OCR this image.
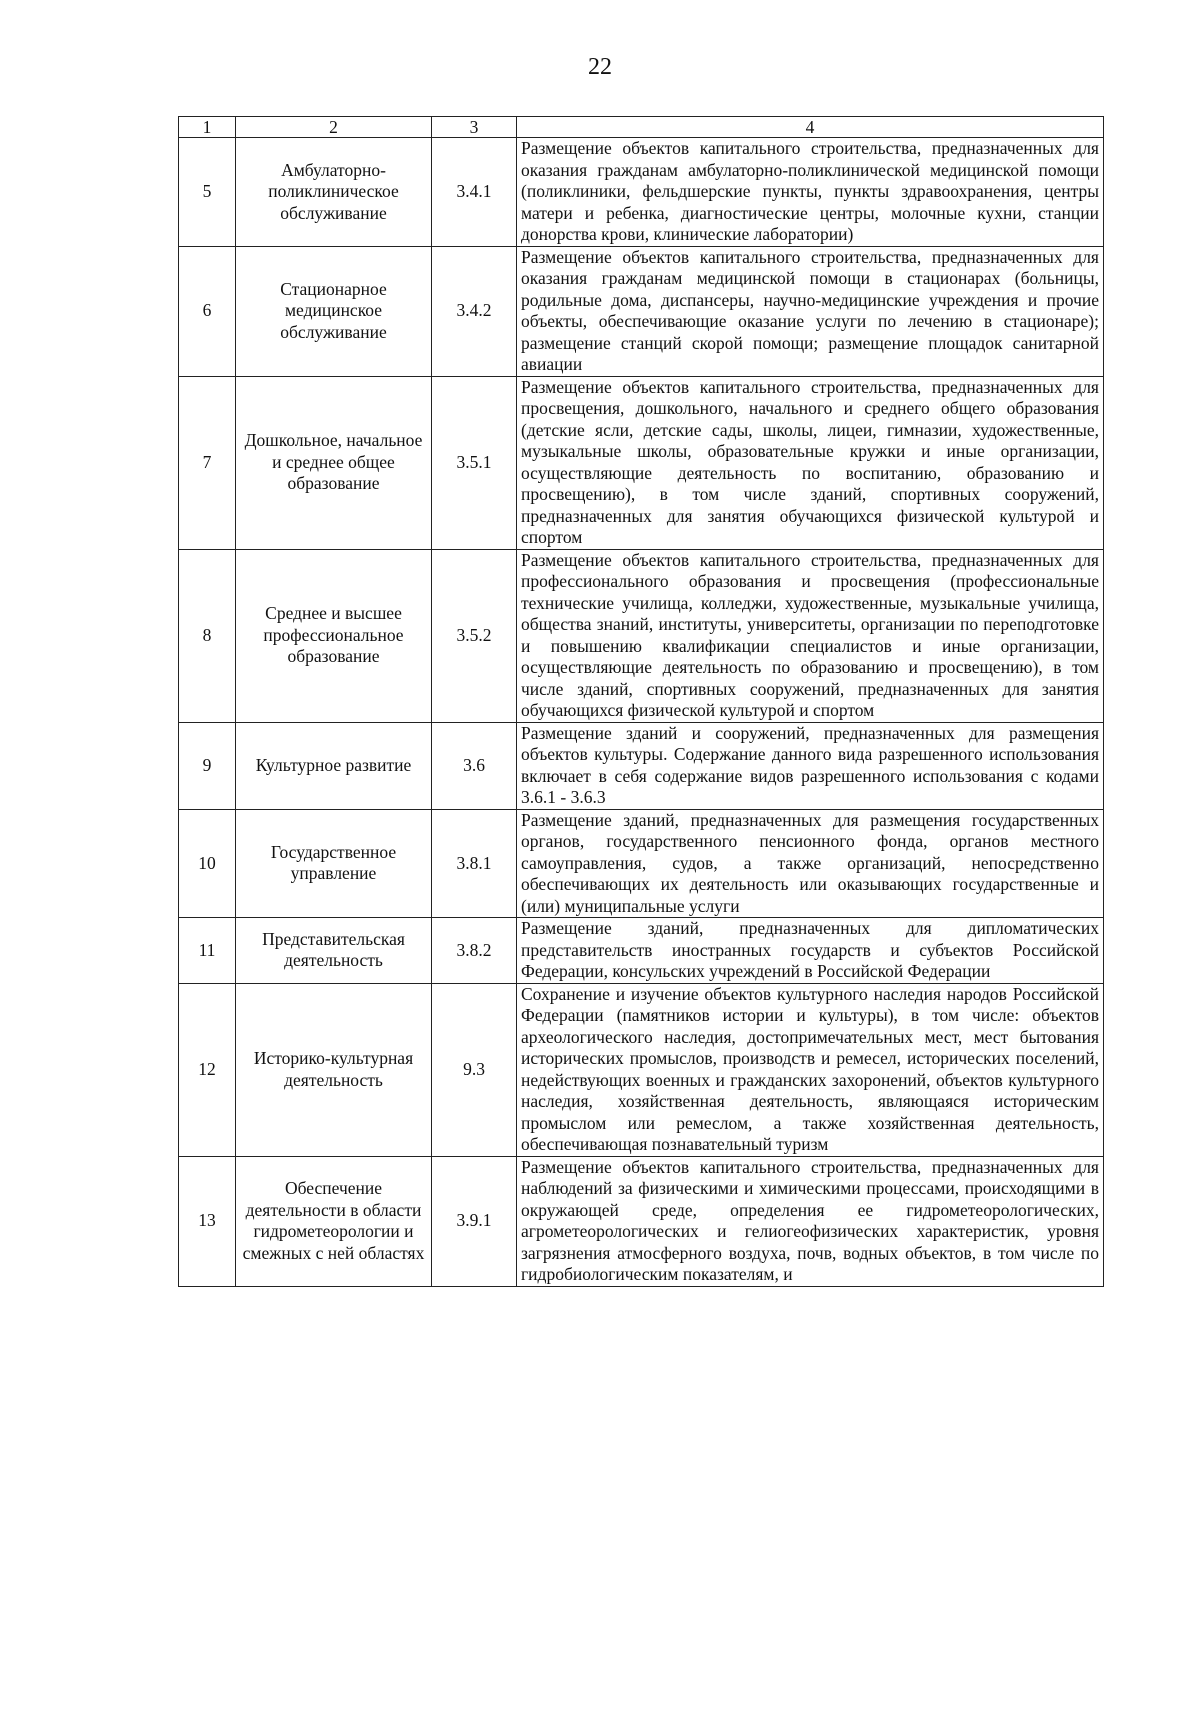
22
1	2	3	4
5	Амбулаторно-поликлиническое обслуживание	3.4.1	Размещение объектов капитального строительства, предназначенных для оказания гражданам амбулаторно-поликлинической медицинской помощи (поликлиники, фельдшерские пункты, пункты здравоохранения, центры матери и ребенка, диагностические центры, молочные кухни, станции донорства крови, клинические лаборатории)
6	Стационарное медицинское обслуживание	3.4.2	Размещение объектов капитального строительства, предназначенных для оказания гражданам медицинской помощи в стационарах (больницы, родильные дома, диспансеры, научно-медицинские учреждения и прочие объекты, обеспечивающие оказание услуги по лечению в стационаре); размещение станций скорой помощи; размещение площадок санитарной авиации
7	Дошкольное, начальное и среднее общее образование	3.5.1	Размещение объектов капитального строительства, предназначенных для просвещения, дошкольного, начального и среднего общего образования (детские ясли, детские сады, школы, лицеи, гимназии, художественные, музыкальные школы, образовательные кружки и иные организации, осуществляющие деятельность по воспитанию, образованию и просвещению), в том числе зданий, спортивных сооружений, предназначенных для занятия обучающихся физической культурой и спортом
8	Среднее и высшее профессиональное образование	3.5.2	Размещение объектов капитального строительства, предназначенных для профессионального образования и просвещения (профессиональные технические училища, колледжи, художественные, музыкальные училища, общества знаний, институты, университеты, организации по переподготовке и повышению квалификации специалистов и иные организации, осуществляющие деятельность по образованию и просвещению), в том числе зданий, спортивных сооружений, предназначенных для занятия обучающихся физической культурой и спортом
9	Культурное развитие	3.6	Размещение зданий и сооружений, предназначенных для размещения объектов культуры. Содержание данного вида разрешенного использования включает в себя содержание видов разрешенного использования с кодами 3.6.1 - 3.6.3
10	Государственное управление	3.8.1	Размещение зданий, предназначенных для размещения государственных органов, государственного пенсионного фонда, органов местного самоуправления, судов, а также организаций, непосредственно обеспечивающих их деятельность или оказывающих государственные и (или) муниципальные услуги
11	Представительская деятельность	3.8.2	Размещение зданий, предназначенных для дипломатических представительств иностранных государств и субъектов Российской Федерации, консульских учреждений в Российской Федерации
12	Историко-культурная деятельность	9.3	Сохранение и изучение объектов культурного наследия народов Российской Федерации (памятников истории и культуры), в том числе: объектов археологического наследия, достопримечательных мест, мест бытования исторических промыслов, производств и ремесел, исторических поселений, недействующих военных и гражданских захоронений, объектов культурного наследия, хозяйственная деятельность, являющаяся историческим промыслом или ремеслом, а также хозяйственная деятельность, обеспечивающая познавательный туризм
13	Обеспечение деятельности в области гидрометеорологии и смежных с ней областях	3.9.1	Размещение объектов капитального строительства, предназначенных для наблюдений за физическими и химическими процессами, происходящими в окружающей среде, определения ее гидрометеорологических, агрометеорологических и гелиогеофизических характеристик, уровня загрязнения атмосферного воздуха, почв, водных объектов, в том числе по гидробиологическим показателям, и
